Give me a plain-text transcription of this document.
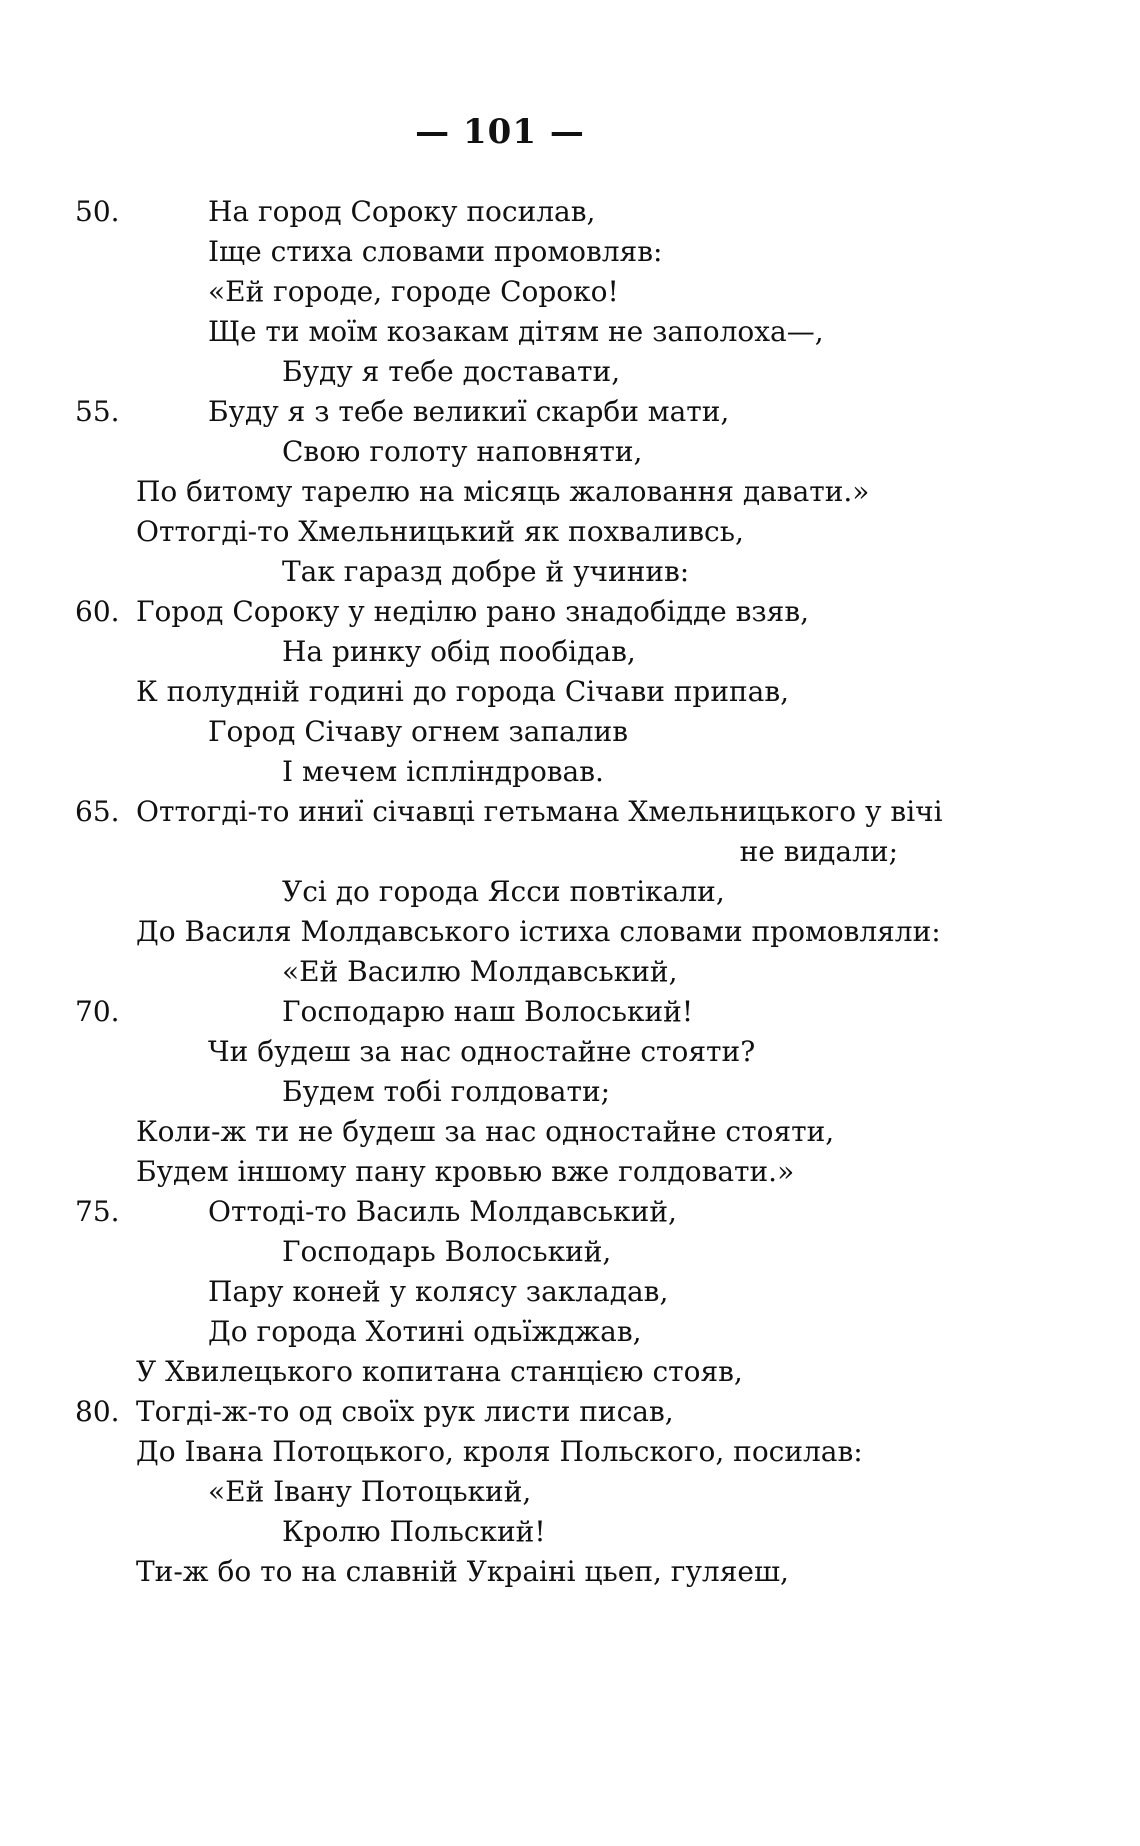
— 101 —
50.	На город Сороку посилав,
Іще стиха словами промовляв:
«Ей городе, городе Сороко!
Ще ти моїм козакам дітям не заполоха—,
Буду я тебе доставати,
55.	Буду я з тебе великиї скарби мати,
Свою голоту наповняти,
По битому тарелю на місяць жаловання давати.»
Оттогді-то Хмельницький як похваливсь,
Так гаразд добре й учинив:
60. Город Сороку у неділю рано знадобідде взяв,
На ринку обід пообідав,
К полудній годині до города Січави припав,
Город Січаву огнем запалив
І мечем іспліндровав.
65. Оттогді-то иниї січавці гетьмана Хмельницького у вічі
не видали;
Усі до города Ясси повтікали,
До Василя Молдавського істиха словами промовляли:
«Ей Василю Молдавський,
70.	Господарю наш Волоський!
Чи будеш за нас одностайне стояти?
Будем тобі голдовати;
Коли-ж ти не будеш за нас одностайне стояти,
Будем іншому пану кровью вже голдовати.»
75.	Оттоді-то Василь Молдавський,
Господарь Волоський,
Пару коней у колясу закладав,
До города Хотині одьїжджав,
У Хвилецького копитана станцією стояв,
80. Тогді-ж-то од своїх рук листи писав,
До Івана Потоцького, кроля Польского, посилав:
«Ей Івану Потоцький,
Кролю Польский!
Ти-ж бо то на славній Украіні цьеп, гуляеш,
